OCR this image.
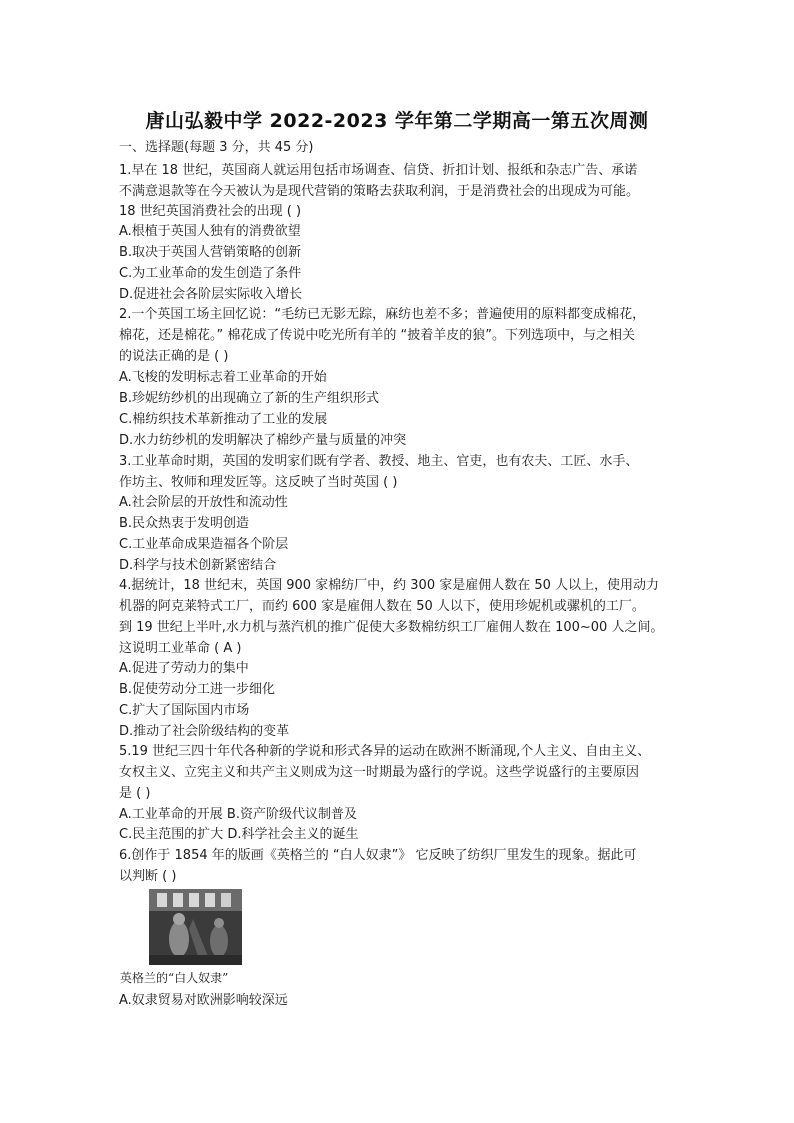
唐山弘毅中学 2022-2023 学年第二学期高一第五次周测
一、选择题(每题 3 分，共 45 分)
1.早在 18 世纪，英国商人就运用包括市场调查、信贷、折扣计划、报纸和杂志广告、承诺
不满意退款等在今天被认为是现代营销的策略去获取利润，于是消费社会的出现成为可能。
18 世纪英国消费社会的出现 ( )
A.根植于英国人独有的消费欲望
B.取决于英国人营销策略的创新
C.为工业革命的发生创造了条件
D.促进社会各阶层实际收入增长
2.一个英国工场主回忆说：“毛纺已无影无踪，麻纺也差不多；普遍使用的原料都变成棉花，
棉花，还是棉花。” 棉花成了传说中吃光所有羊的 “披着羊皮的狼”。下列选项中，与之相关
的说法正确的是 ( )
A.飞梭的发明标志着工业革命的开始
B.珍妮纺纱机的出现确立了新的生产组织形式
C.棉纺织技术革新推动了工业的发展
D.水力纺纱机的发明解决了棉纱产量与质量的冲突
3.工业革命时期，英国的发明家们既有学者、教授、地主、官吏，也有农夫、工匠、水手、
作坊主、牧师和理发匠等。这反映了当时英国 ( )
A.社会阶层的开放性和流动性
B.民众热衷于发明创造
C.工业革命成果造福各个阶层
D.科学与技术创新紧密结合
4.据统计，18 世纪末，英国 900 家棉纺厂中，约 300 家是雇佣人数在 50 人以上，使用动力
机器的阿克莱特式工厂，而约 600 家是雇佣人数在 50 人以下，使用珍妮机或骡机的工厂。
到 19 世纪上半叶,水力机与蒸汽机的推广促使大多数棉纺织工厂雇佣人数在 100~00 人之间。
这说明工业革命 ( A )
A.促进了劳动力的集中
B.促使劳动分工进一步细化
C.扩大了国际国内市场
D.推动了社会阶级结构的变革
5.19 世纪三四十年代各种新的学说和形式各异的运动在欧洲不断涌现,个人主义、自由主义、
女权主义、立宪主义和共产主义则成为这一时期最为盛行的学说。这些学说盛行的主要原因
是 ( )
A.工业革命的开展 B.资产阶级代议制普及
C.民主范围的扩大 D.科学社会主义的诞生
6.创作于 1854 年的版画《英格兰的 “白人奴隶”》 它反映了纺织厂里发生的现象。据此可
以判断 ( )
英格兰的“白人奴隶”
A.奴隶贸易对欧洲影响较深远
